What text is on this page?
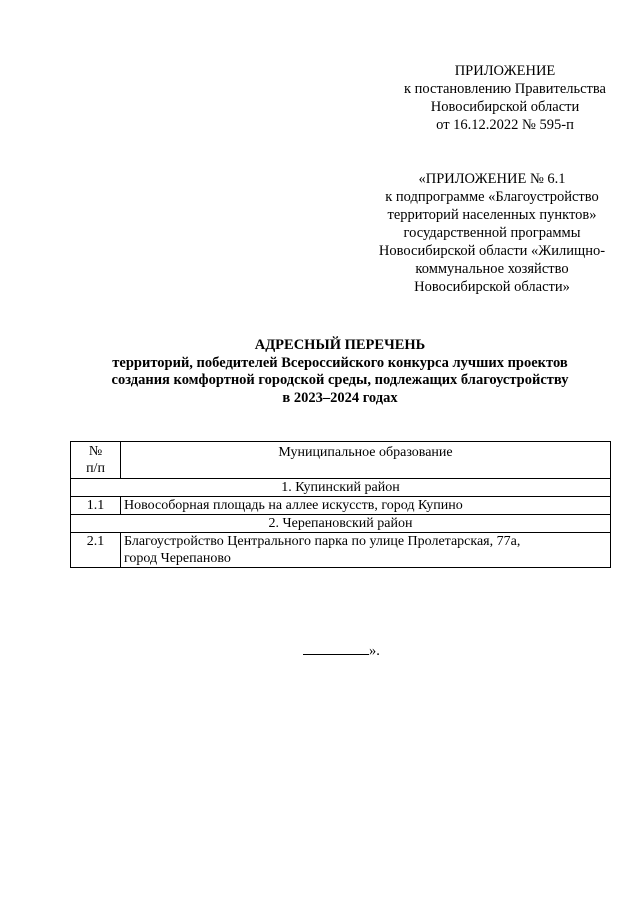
ПРИЛОЖЕНИЕ
к постановлению Правительства
Новосибирской области
от 16.12.2022 № 595-п
«ПРИЛОЖЕНИЕ № 6.1
к подпрограмме «Благоустройство
территорий населенных пунктов»
государственной программы
Новосибирской области «Жилищно-
коммунальное хозяйство
Новосибирской области»
АДРЕСНЫЙ ПЕРЕЧЕНЬ
территорий, победителей Всероссийского конкурса лучших проектов
создания комфортной городской среды, подлежащих благоустройству
в 2023–2024 годах
№
п/п	Муниципальное образование
1. Купинский район	
1.1	Новособорная площадь на аллее искусств, город Купино
2. Черепановский район	
2.1	Благоустройство Центрального парка по улице Пролетарская, 77а,
город Черепаново
».
